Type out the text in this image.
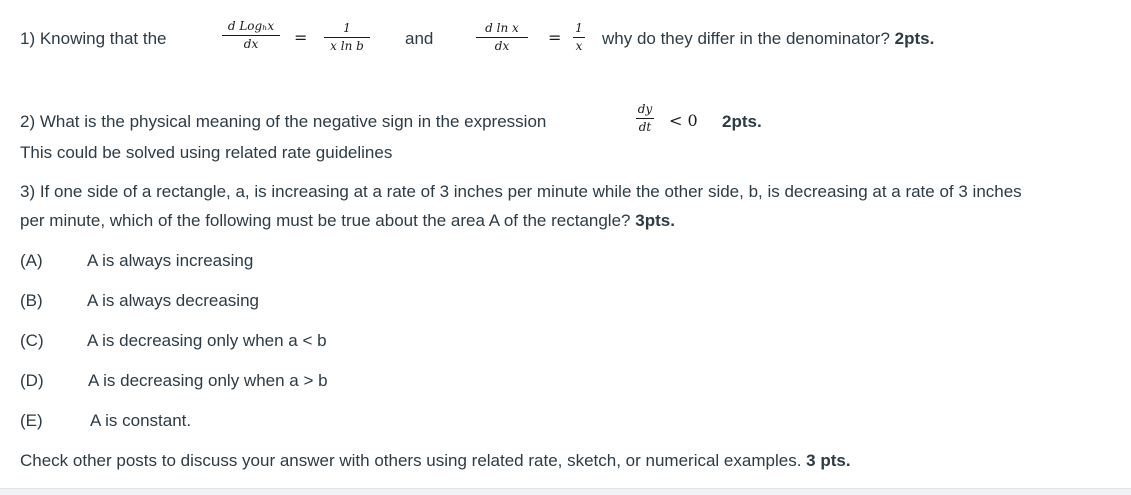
1) Knowing that the
d Logₕx
dx =	1
x ln b and
d ln x
dx = 1
x why do they differ in the denominator? 2pts.
2) What is the physical meaning of the negative sign in the expression
dy
dt < 0 2pts.
This could be solved using related rate guidelines
3) If one side of a rectangle, a, is increasing at a rate of 3 inches per minute while the other side, b, is decreasing at a rate of 3 inches
per minute, which of the following must be true about the area A of the rectangle? 3pts.
(A)	A is always increasing
(B)	A is always decreasing
(C)	A is decreasing only when a < b
(D)	A is decreasing only when a > b
(E)	A is constant.
Check other posts to discuss your answer with others using related rate, sketch, or numerical examples. 3 pts.
